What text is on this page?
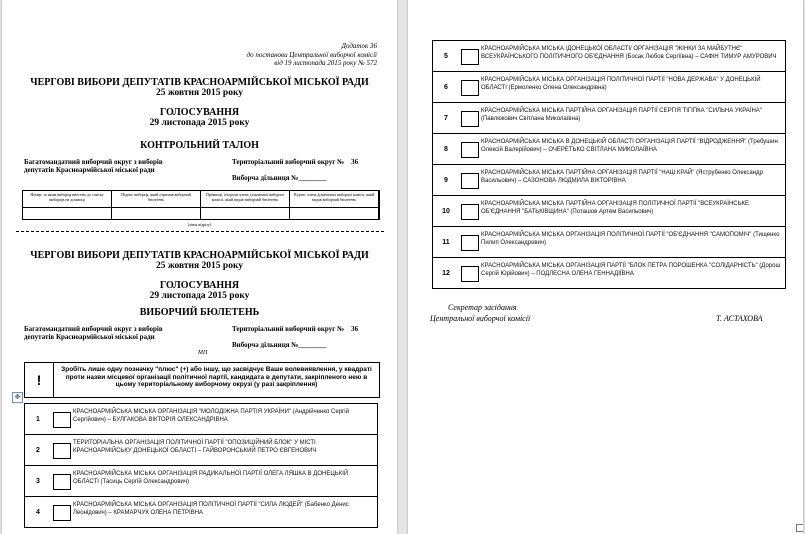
Додаток 36
до постанови Центральної виборчої комісії
від 19 листопада 2015 року № 572
ЧЕРГОВІ ВИБОРИ ДЕПУТАТІВ КРАСНОАРМІЙСЬКОЇ МІСЬКОЇ РАДИ
25 жовтня 2015 року
ГОЛОСУВАННЯ
29 листопада 2015 року
КОНТРОЛЬНИЙ ТАЛОН
Багатомандатний виборчий округ з виборів депутатів Красноармійської міської ради
Територіальний виборчий округ № 36
Виборча дільниця №________
Номер, за яким виборця внесено до списку виборців на дільниці
Підпис виборця, який отримав виборчий бюлетень
Прізвище, ініціали члена дільничної виборчої комісії, який видав виборчий бюлетень
Підпис члена дільничної виборчої комісії, який видав виборчий бюлетень
(лінія відрізу)
ЧЕРГОВІ ВИБОРИ ДЕПУТАТІВ КРАСНОАРМІЙСЬКОЇ МІСЬКОЇ РАДИ
25 жовтня 2015 року
ГОЛОСУВАННЯ
29 листопада 2015 року
ВИБОРЧИЙ БЮЛЕТЕНЬ
Багатомандатний виборчий округ з виборів депутатів Красноармійської міської ради
Територіальний виборчий округ № 36
Виборча дільниця №________
МП
!
Зробіть лише одну позначку "плюс" (+) або іншу, що засвідчує Ваше волевиявлення, у квадраті проти назви місцевої організації політичної партії, кандидата в депутати, закріпленого нею в цьому територіальному виборчому окрузі (у разі закріплення)
✥
1
КРАСНОАРМІЙСЬКА МІСЬКА ОРГАНІЗАЦІЯ "МОЛОДІЖНА ПАРТІЯ УКРАЇНИ" (Андрійченко Сергій Сергійович) – БУЛГАКОВА ВІКТОРІЯ ОЛЕКСАНДРІВНА
2
ТЕРИТОРІАЛЬНА ОРГАНІЗАЦІЯ ПОЛІТИЧНОЇ ПАРТІЇ "ОПОЗИЦІЙНИЙ БЛОК" У МІСТІ КРАСНОАРМІЙСЬКУ ДОНЕЦЬКОЇ ОБЛАСТІ – ГАЙВОРОНСЬКИЙ ПЕТРО ЄВГЕНОВИЧ
3
КРАСНОАРМІЙСЬКА МІСЬКА ОРГАНІЗАЦІЯ РАДИКАЛЬНОЇ ПАРТІЇ ОЛЕГА ЛЯШКА В ДОНЕЦЬКІЙ ОБЛАСТІ (Тасиць Сергій Олександрович)
4
КРАСНОАРМІЙСЬКА МІСЬКА ОРГАНІЗАЦІЯ ПОЛІТИЧНОЇ ПАРТІЇ "СИЛА ЛЮДЕЙ" (Бабенко Денис Леонідович) – КРАМАРЧУК ОЛЕНА ПЕТРІВНА
5
КРАСНОАРМІЙСЬКА МІСЬКА /ДОНЕЦЬКОЇ ОБЛАСТІ/ ОРГАНІЗАЦІЯ "ЖІНКИ ЗА МАЙБУТНЄ" ВСЕУКРАЇНСЬКОГО ПОЛІТИЧНОГО ОБ'ЄДНАННЯ (Босак Любов Сергіївна) – САФІН ТИМУР АМУРОВИЧ
6
КРАСНОАРМІЙСЬКА МІСЬКА ОРГАНІЗАЦІЯ ПОЛІТИЧНОЇ ПАРТІЇ "НОВА ДЕРЖАВА" У ДОНЕЦЬКІЙ ОБЛАСТІ (Ермоленко Олена Олександрівна)
7
КРАСНОАРМІЙСЬКА МІСЬКА ПАРТІЙНА ОРГАНІЗАЦІЯ ПАРТІЇ СЕРГІЯ ТІГІПКА "СИЛЬНА УКРАЇНА" (Павлюкович Світлана Миколаївна)
8
КРАСНОАРМІЙСЬКА МІСЬКА В ДОНЕЦЬКІЙ ОБЛАСТІ ОРГАНІЗАЦІЯ ПАРТІЇ "ВІДРОДЖЕННЯ" (Требушин Олексій Валерійович) – ОЧЕРЕТЬКО СВІТЛАНА МИКОЛАЇВНА
9
КРАСНОАРМІЙСЬКА МІСЬКА ПАРТІЙНА ОРГАНІЗАЦІЯ ПАРТІЇ "НАШ КРАЙ" (Яструбенко Олександр Васильович) – САЗОНОВА ЛЮДМИЛА ВІКТОРІВНА
10
КРАСНОАРМІЙСЬКА МІСЬКА ПАРТІЙНА ОРГАНІЗАЦІЯ ПОЛІТИЧНОЇ ПАРТІЇ "ВСЕУКРАЇНСЬКЕ ОБ'ЄДНАННЯ "БАТЬКІВЩИНА" (Поташов Артем Васильович)
11
КРАСНОАРМІЙСЬКА МІСЬКА ОРГАНІЗАЦІЯ ПОЛІТИЧНОЇ ПАРТІЇ "ОБ'ЄДНАННЯ "САМОПОМІЧ" (Тищенко Пилип Олександрович)
12
КРАСНОАРМІЙСЬКА МІСЬКА ОРГАНІЗАЦІЯ ПАРТІЇ "БЛОК ПЕТРА ПОРОШЕНКА "СОЛІДАРНІСТЬ" (Дорош Сергій Юрійович) – ПОДЛЕСНА ОЛЕНА ГЕННАДІЇВНА
Секретар засідання
Центральної виборчої комісії	Т. АСТАХОВА
